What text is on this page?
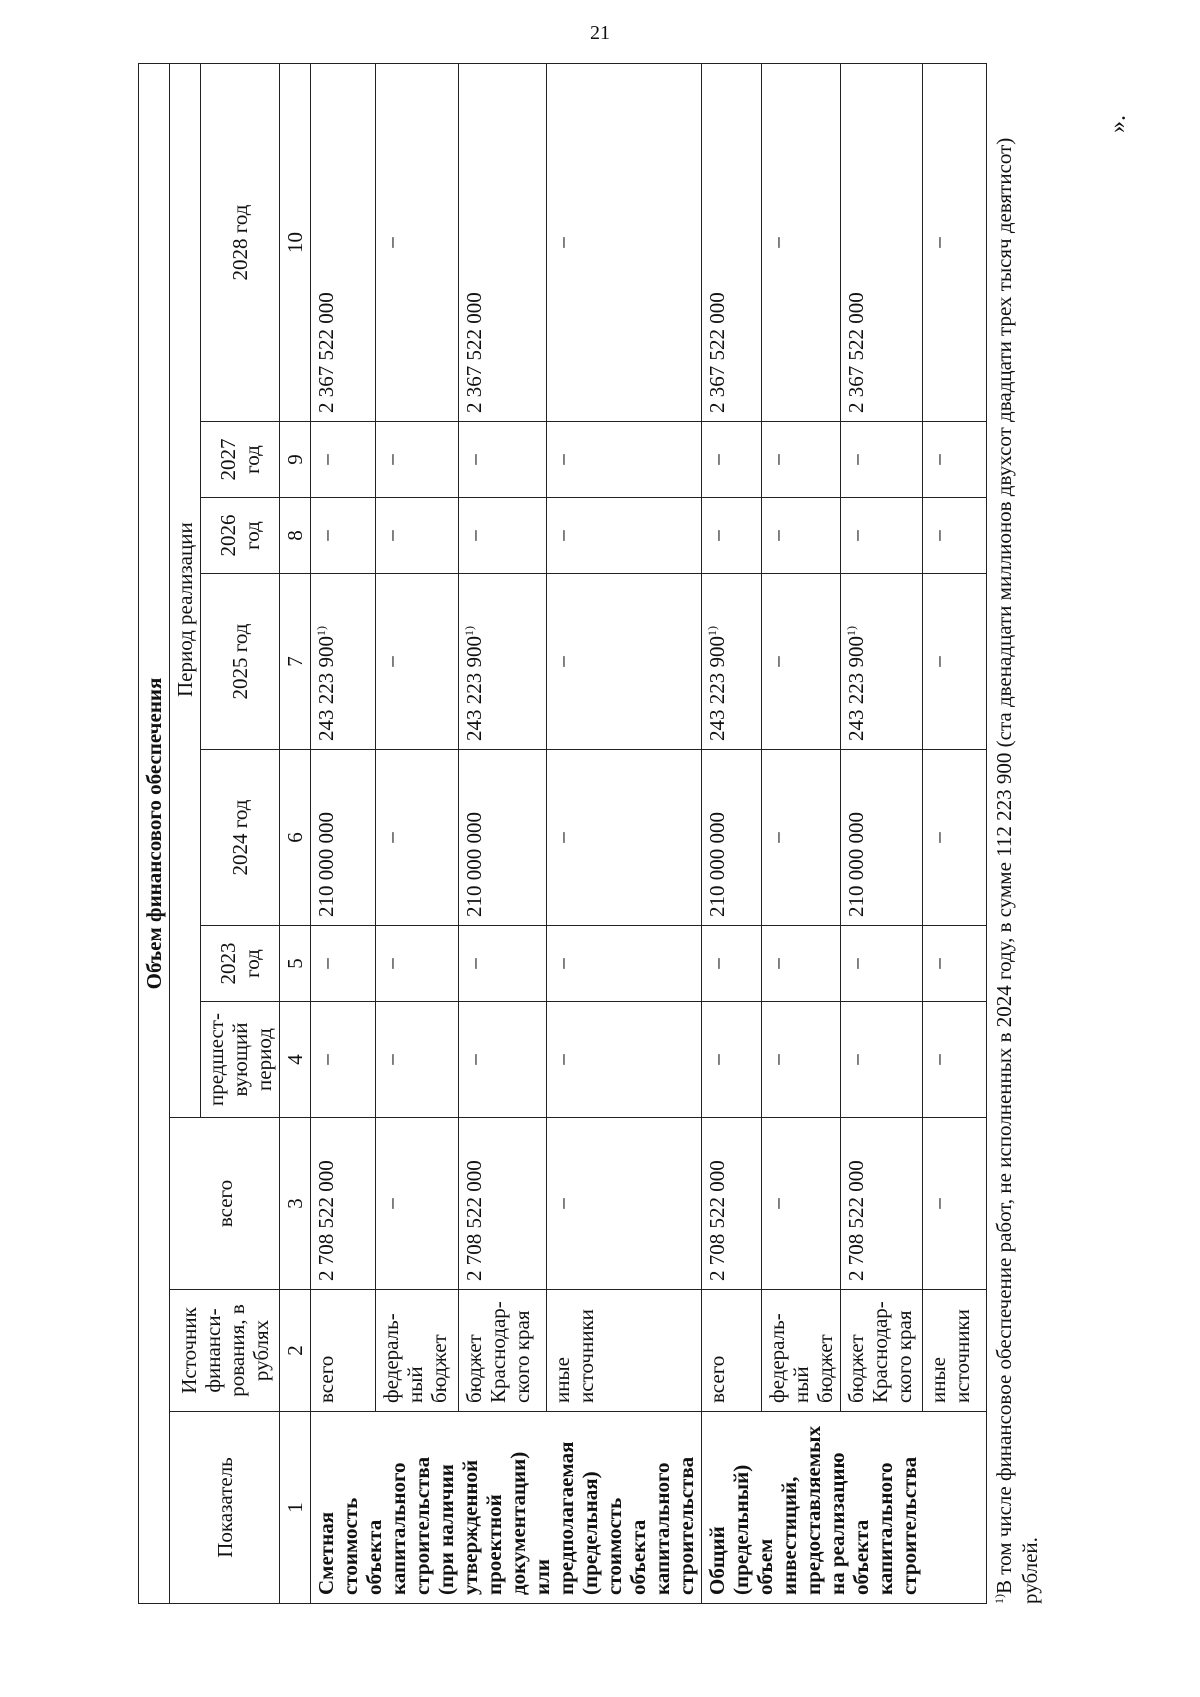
21
».
Объем финансового обеспечения									
Показатель	Источник финанси-рования, в рублях	всего	Период реализации						
			предшест-вующий период	2023 год	2024 год	2025 год	2026 год	2027 год	2028 год
1	2	3	4	5	6	7	8	9	10
Сметная стоимость объекта капитального строительства (при наличии утвержденной проектной документации) или предполагаемая (предельная) стоимость объекта капитального строительства	всего	2 708 522 000	–	–	210 000 000	243 223 900$^{1)}$	–	–	2 367 522 000
	федераль-ный бюджет	–	–	–	–	–	–	–	–
	бюджет Краснодар-ского края	2 708 522 000	–	–	210 000 000	243 223 900$^{1)}$	–	–	2 367 522 000
	иные источники	–	–	–	–	–	–	–	–
Общий (предельный) объем инвестиций, предоставляемых на реализацию объекта капитального строительства	всего	2 708 522 000	–	–	210 000 000	243 223 900$^{1)}$	–	–	2 367 522 000
	федераль-ный бюджет	–	–	–	–	–	–	–	–
	бюджет Краснодар-ского края	2 708 522 000	–	–	210 000 000	243 223 900$^{1)}$	–	–	2 367 522 000
	иные источники	–	–	–	–	–	–	–	–
$^{1)}$В том числе финансовое обеспечение работ, не исполненных в 2024 году, в сумме 112 223 900 (ста двенадцати миллионов двухсот двадцати трех тысяч девятисот) рублей.
